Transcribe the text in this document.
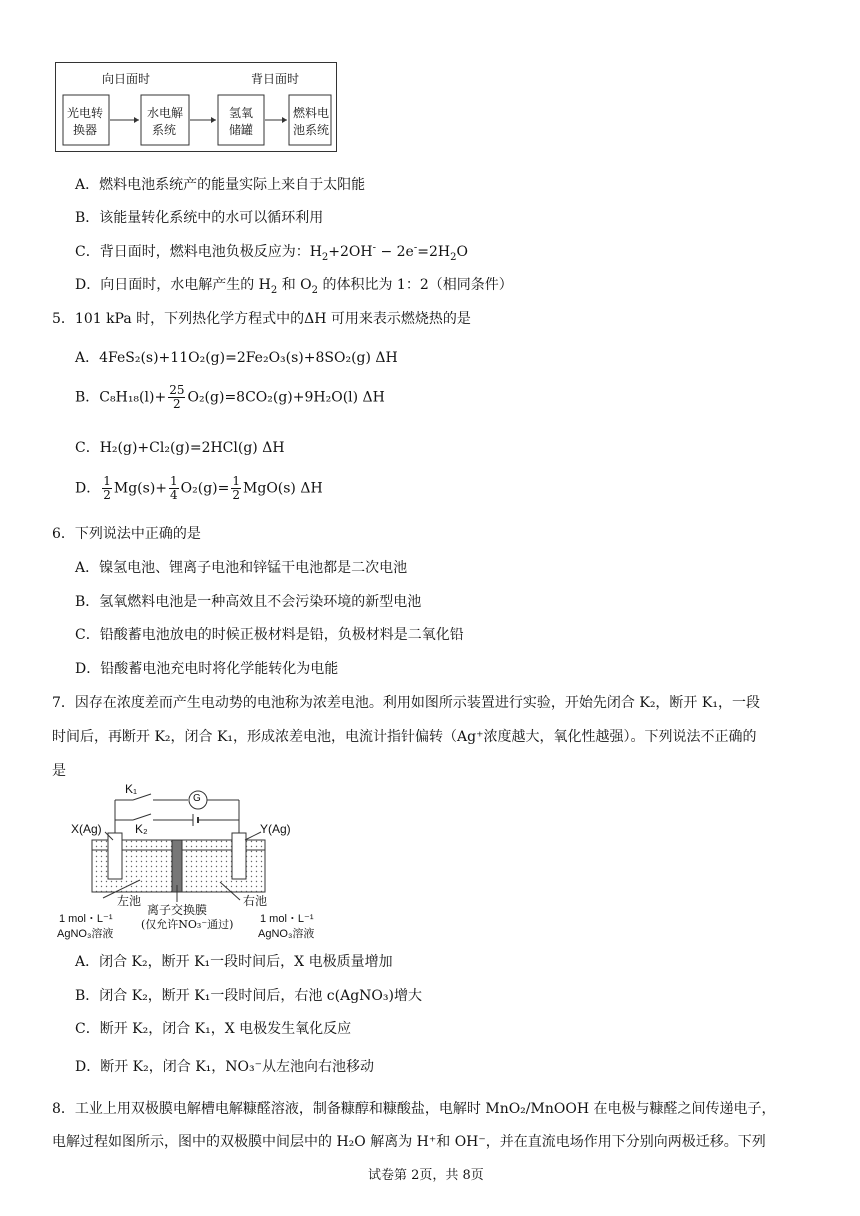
向日面时	背日面时
光电转
换器
水电解
系统
氢氧
储罐
燃料电
池系统
A．燃料电池系统产的能量实际上来自于太阳能
B．该能量转化系统中的水可以循环利用
C．背日面时，燃料电池负极反应为：$H_2+2OH^- - 2e^-=2H_2O$
D．向日面时，水电解产生的 $H_2$ 和 $O_2$ 的体积比为 1：2（相同条件）
5．101 kPa 时，下列热化学方程式中的ΔH 可用来表示燃烧热的是
A．4FeS₂(s)+11O₂(g)=2Fe₂O₃(s)+8SO₂(g) ΔH
B．$C_8H_{18}(l)+ \frac{25}{2} O_2(g)=8CO_2(g)+9H_2O(l)$ ΔH
C．H₂(g)+Cl₂(g)=2HCl(g) ΔH
D． $\frac{1}{2} Mg(s)+ \frac{1}{4} O_2(g)= \frac{1}{2} MgO(s)$ ΔH
6．下列说法中正确的是
A．镍氢电池、锂离子电池和锌锰干电池都是二次电池
B．氢氧燃料电池是一种高效且不会污染环境的新型电池
C．铅酸蓄电池放电的时候正极材料是铅，负极材料是二氧化铅
D．铅酸蓄电池充电时将化学能转化为电能
7．因存在浓度差而产生电动势的电池称为浓差电池。利用如图所示装置进行实验，开始先闭合 K₂，断开 K₁，一段
时间后，再断开 K₂，闭合 K₁，形成浓差电池，电流计指针偏转（Ag⁺浓度越大，氧化性越强）。下列说法不正确的
是
K₁
G
K₂
X(Ag)	Y(Ag)
左池	右池
离子交换膜
(仅允许NO₃⁻通过)
1 mol・L⁻¹
AgNO₃溶液
1 mol・L⁻¹
AgNO₃溶液
A．闭合 K₂，断开 K₁一段时间后，X 电极质量增加
B．闭合 K₂，断开 K₁一段时间后，右池 c(AgNO₃)增大
C．断开 K₂，闭合 K₁，X 电极发生氧化反应
D．断开 K₂，闭合 K₁，NO₃⁻从左池向右池移动
8．工业上用双极膜电解槽电解糠醛溶液，制备糠醇和糠酸盐，电解时 MnO₂/MnOOH 在电极与糠醛之间传递电子，
电解过程如图所示，图中的双极膜中间层中的 H₂O 解离为 H⁺和 OH⁻，并在直流电场作用下分别向两极迁移。下列
试卷第 2页，共 8页
